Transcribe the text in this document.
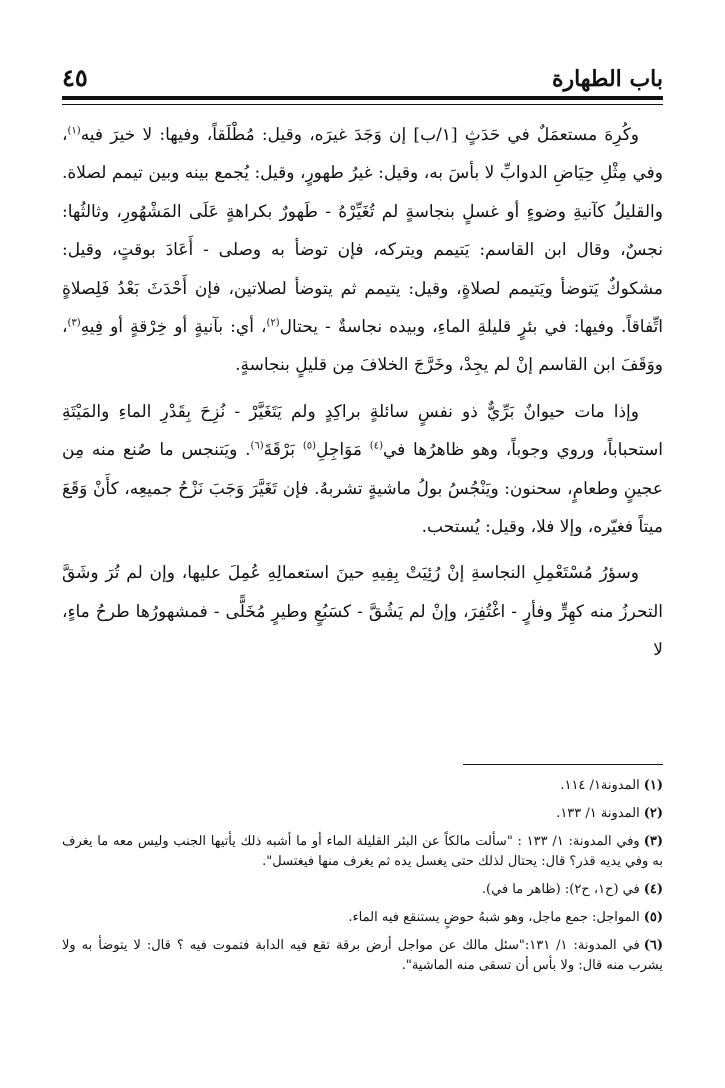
باب الطهارة
٤٥

وكُرِهَ مستعمَلٌ في حَدَثٍ [١/ب] إن وَجَدَ غيرَه، وقيل: مُطْلَقاً، وفيها: لا خيرَ فيه$^{(١)}$، وفي مِثْلِ حِيَاضِ الدوابِّ لا بأسَ به، وقيل: غيرُ طهورٍ، وقيل: يُجمع بينه وبين تيمم لصلاة. والقليلُ كآنيةِ وضوءٍ أو غسلٍ بنجاسةٍ لم تُغَيِّرْهُ - طَهورٌ بكراهةٍ عَلَى المَشْهُورِ، وثالثُها: نجسٌ، وقال ابن القاسم: يَتيمم ويتركه، فإن توضأ به وصلى - أَعَادَ بوقتٍ، وقيل: مشكوكٌ يَتوضأ ويَتيمم لصلاةٍ، وقيل: يتيمم ثم يتوضأ لصلاتين، فإن أَحْدَثَ بَعْدُ فَلِصلاةٍ اتِّفاقاً. وفيها: في بئرٍ قليلةِ الماءِ، وبيده نجاسةٌ - يحتال$^{(٢)}$، أي: بآنيةٍ أو خِرْقةٍ أو فِيهِ$^{(٣)}$، ووَقَفَ ابن القاسم إنْ لم يجِدْ، وخَرَّجَ الخلافَ مِن قليلٍ بنجاسةٍ.

وإذا مات حيوانٌ بَرِّيٌّ ذو نفسٍ سائلةٍ براكِدٍ ولم يَتَغَيَّرْ - نُزِحَ بِقَدْرِ الماءِ والمَيْتَةِ استحباباً، وروي وجوباً، وهو ظاهرُها في$^{(٤)}$ مَوَاجِلِ$^{(٥)}$ بَرْقَةَ$^{(٦)}$. ويَتنجس ما صُنع منه مِن عجينٍ وطعامٍ، سحنون: ويَنْجُسُ بولُ ماشيةٍ تشربهُ. فإن تَغَيَّرَ وَجَبَ نَزْحُ جميعِه، كأَنْ وَقَعَ ميتاً فغيّره، وإلا فلا، وقيل: يُستحب.

وسؤرُ مُسْتَعْمِلِ النجاسةِ إنْ رُئِيَتْ بِفِيهِ حينَ استعمالِهِ عُمِلَ عليها، وإن لم تُرَ وشَقَّ التحرزُ منه كهِرٍّ وفأرٍ - اغْتُفِرَ، وإنْ لم يَشُقَّ - كسَبُعٍ وطيرٍ مُخَلًّى - فمشهورُها طرحُ ماءٍ، لا

(١)المدونة١/ ١١٤.

(٢)المدونة ١/ ١٣٣.

(٣)وفي المدونة: ١/ ١٣٣ : "سألت مالكاً عن البئر القليلة الماء أو ما أشبه ذلك يأتيها الجنب وليس معه ما يغرف به وفي يديه قذر؟ قال: يحتال لذلك حتى يغسل يده ثم يغرف منها فيغتسل".

(٤)في (ح١، ح٢): (ظاهر ما في).

(٥)المواجل: جمع ماجل، وهو شبهُ حوضٍ يستنقع فيه الماء.

(٦)في المدونة: ١/ ١٣١:"سئل مالك عن مواجل أرض برقة تقع فيه الدابة فتموت فيه ؟ قال: لا يتوضأ به ولا يشرب منه قال: ولا بأس أن تسقى منه الماشية".
